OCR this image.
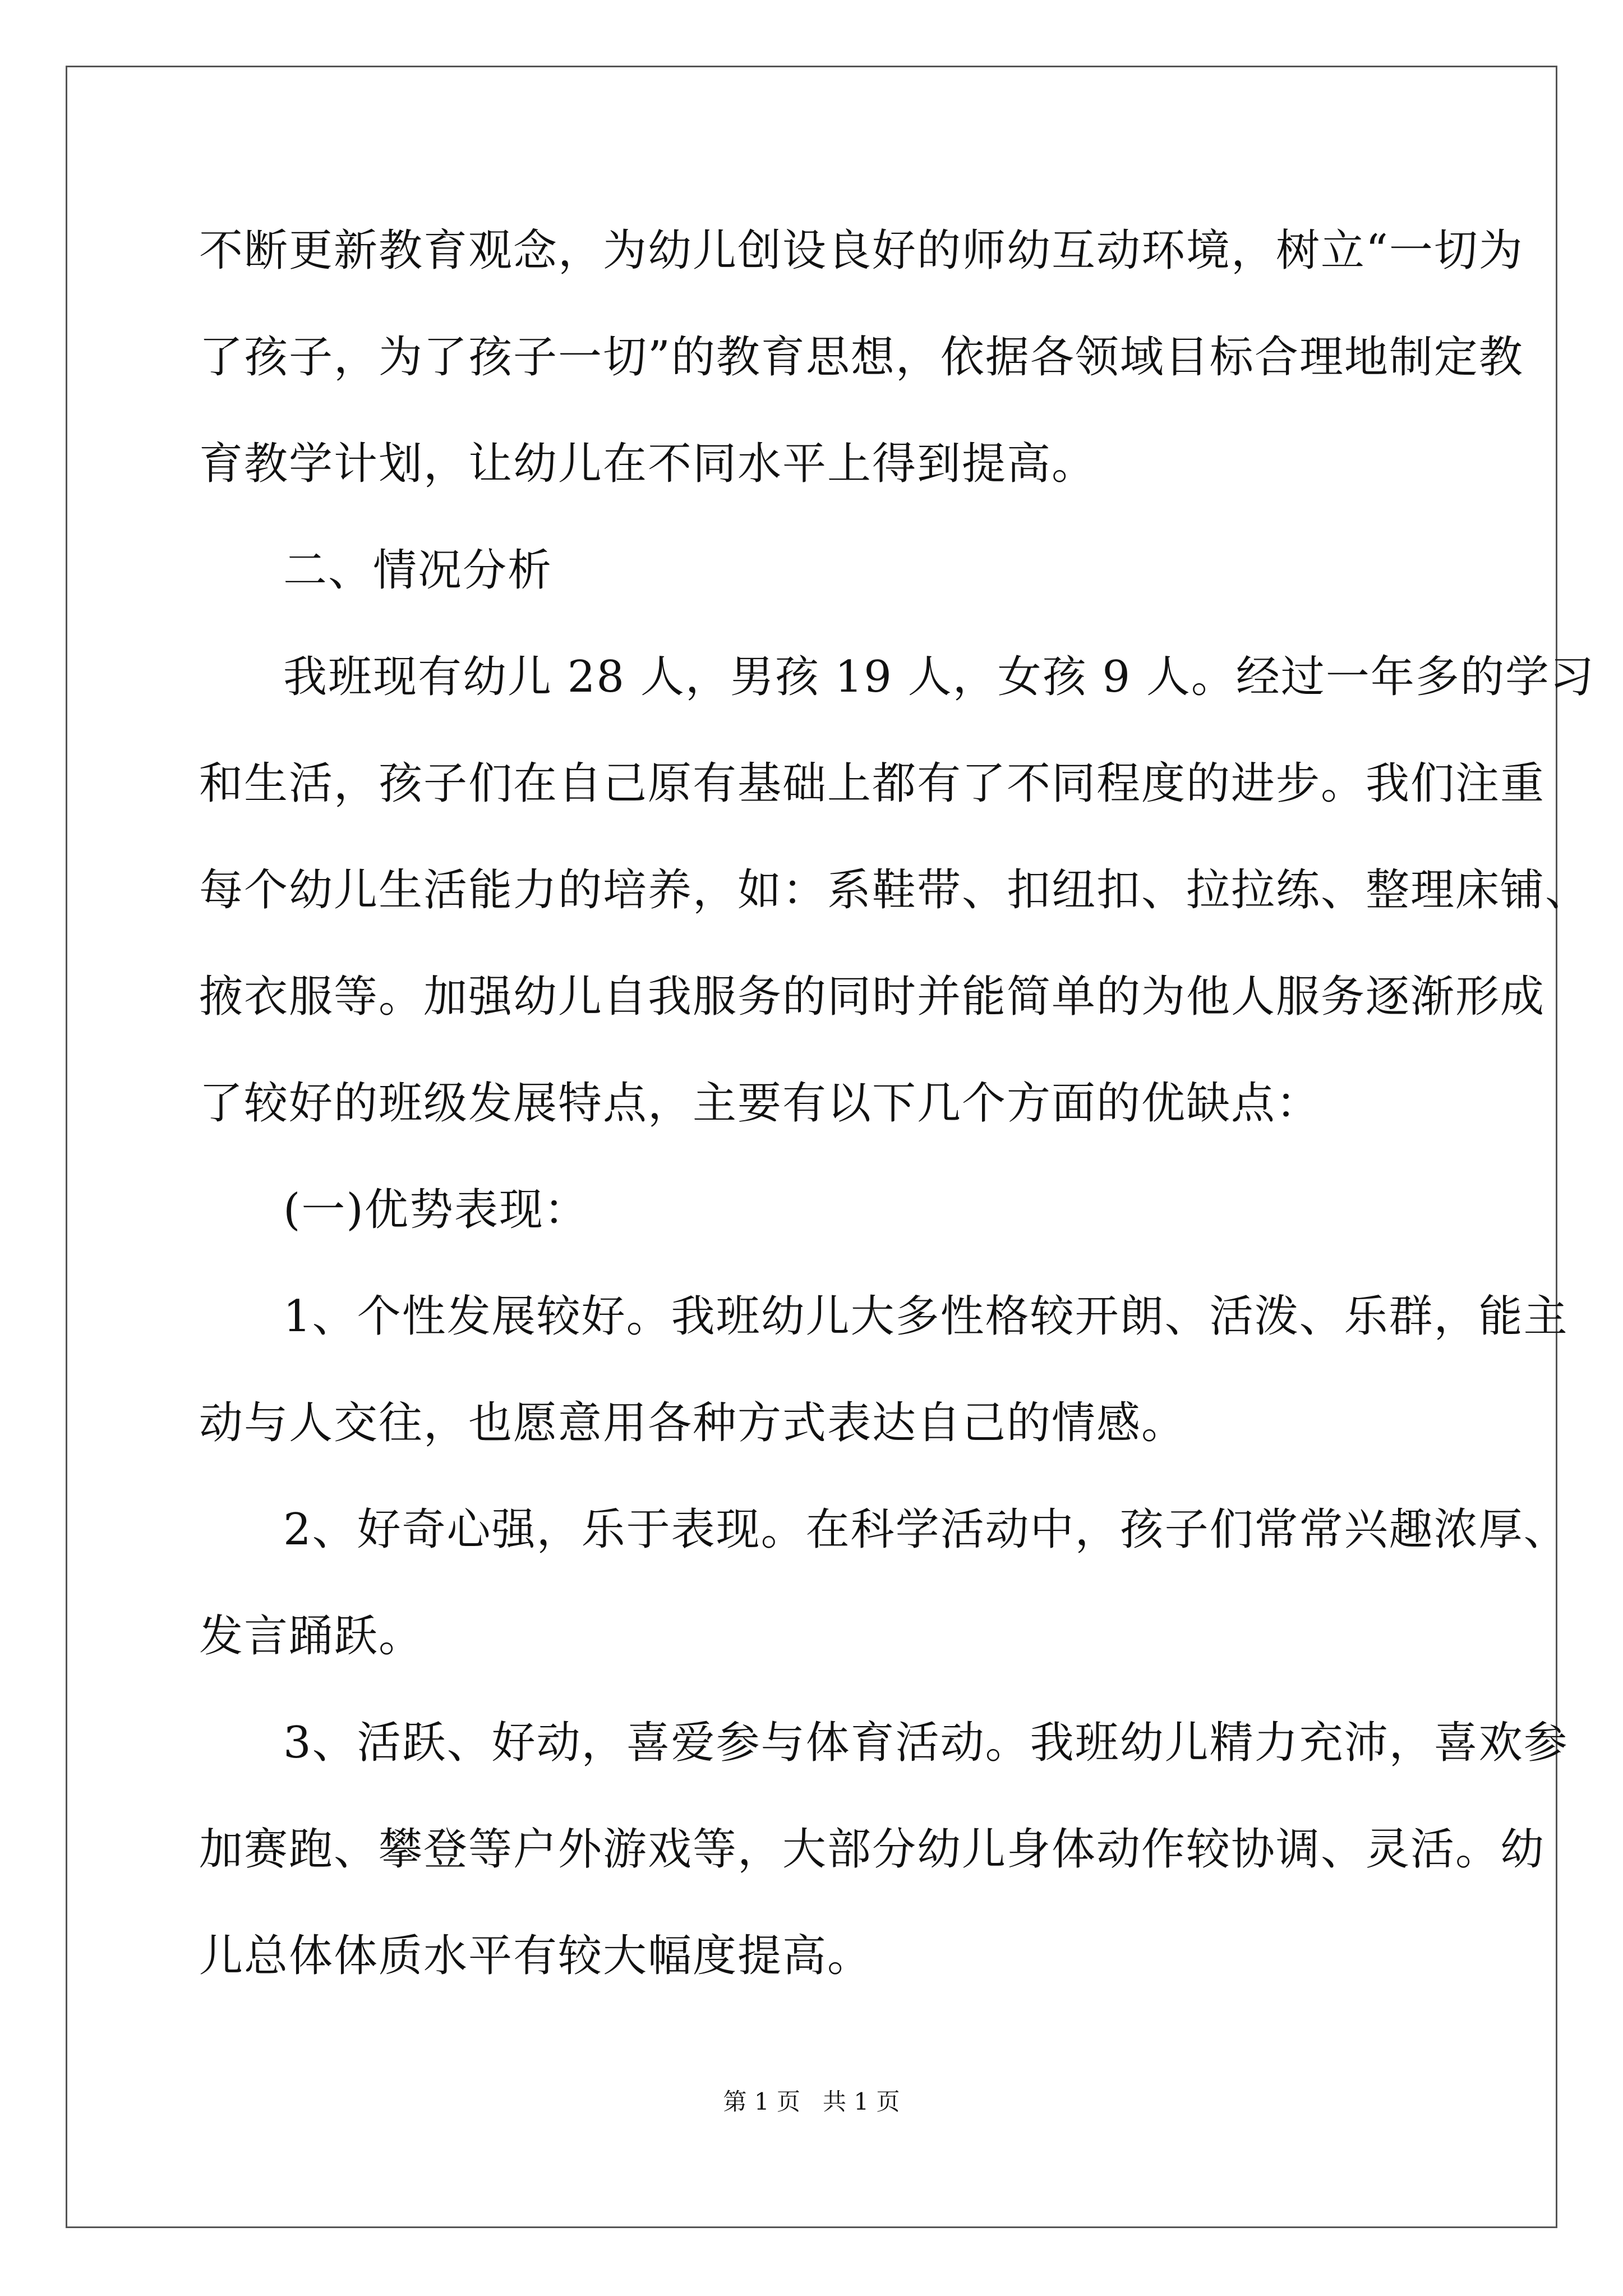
不断更新教育观念，为幼儿创设良好的师幼互动环境，树立“一切为

了孩子，为了孩子一切”的教育思想，依据各领域目标合理地制定教

育教学计划，让幼儿在不同水平上得到提高。

二、情况分析

我班现有幼儿 28 人，男孩 19 人，女孩 9 人。经过一年多的学习

和生活，孩子们在自己原有基础上都有了不同程度的进步。我们注重

每个幼儿生活能力的培养，如：系鞋带、扣纽扣、拉拉练、整理床铺、

掖衣服等。加强幼儿自我服务的同时并能简单的为他人服务逐渐形成

了较好的班级发展特点，主要有以下几个方面的优缺点：

(一)优势表现：

1、个性发展较好。我班幼儿大多性格较开朗、活泼、乐群，能主

动与人交往，也愿意用各种方式表达自己的情感。

2、好奇心强，乐于表现。在科学活动中，孩子们常常兴趣浓厚、

发言踊跃。

3、活跃、好动，喜爱参与体育活动。我班幼儿精力充沛，喜欢参

加赛跑、攀登等户外游戏等，大部分幼儿身体动作较协调、灵活。幼

儿总体体质水平有较大幅度提高。

第 1 页   共 1 页
